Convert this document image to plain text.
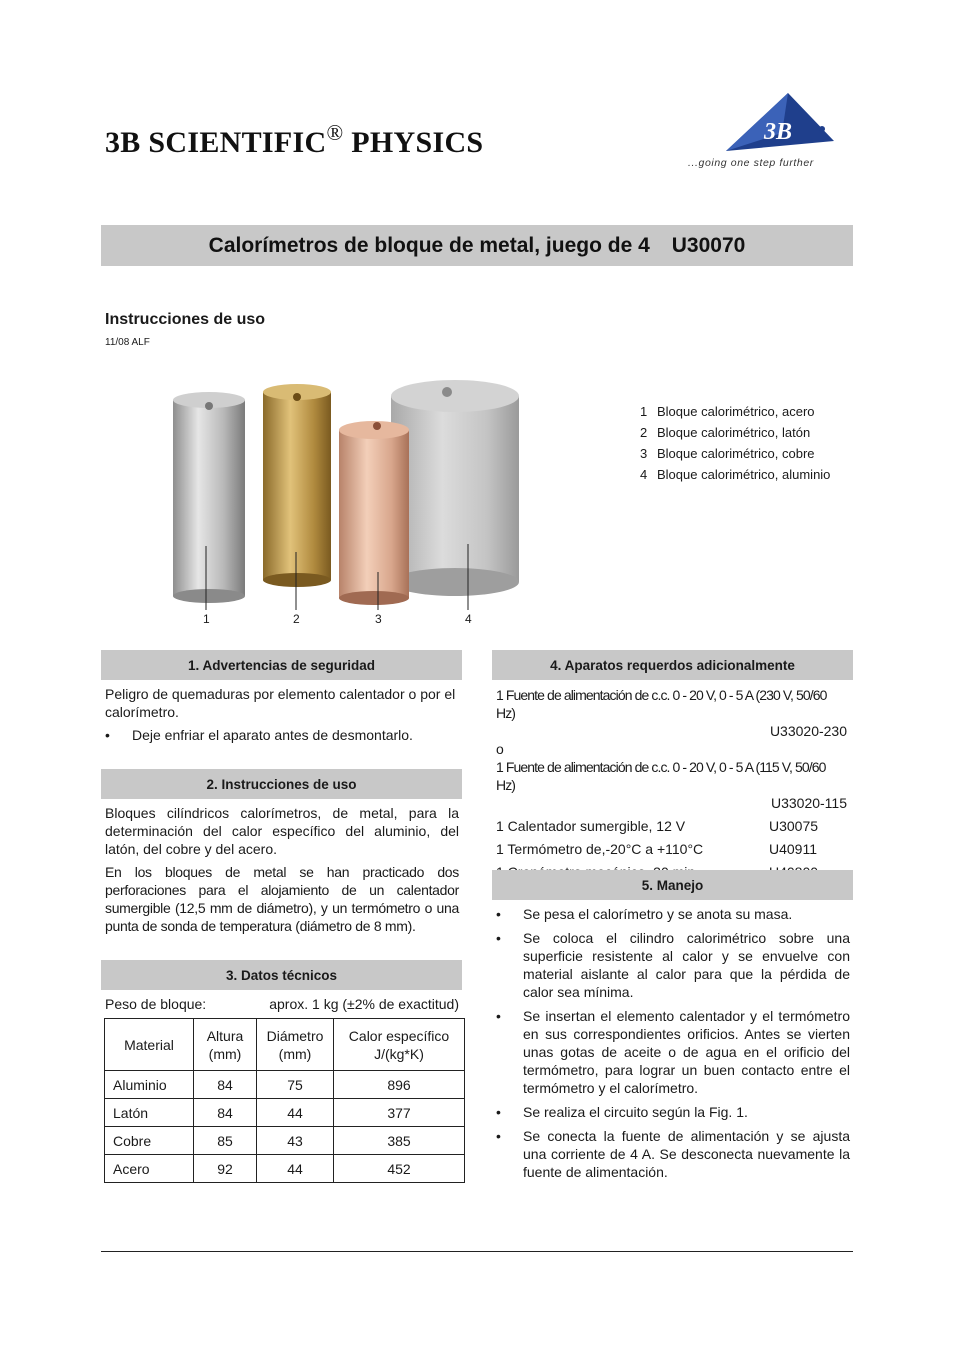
3B SCIENTIFIC® PHYSICS	3B
...going one step further
Calorímetros de bloque de metal, juego de 4 U30070
Instrucciones de uso
11/08 ALF
1	2	3	4
1 Bloque calorimétrico, acero
2 Bloque calorimétrico, latón
3 Bloque calorimétrico, cobre
4 Bloque calorimétrico, aluminio
1. Advertencias de seguridad

Peligro de quemaduras por elemento calentador o por el calorímetro.

• Deje enfriar el aparato antes de desmontarlo.
2. Instrucciones de uso

Bloques cilíndricos calorímetros, de metal, para la determinación del calor específico del aluminio, del latón, del cobre y del acero.

En los bloques de metal se han practicado dos perforaciones para el alojamiento de un calentador sumergible (12,5 mm de diámetro), y un termómetro o una punta de sonda de temperatura (diámetro de 8 mm).

3. Datos técnicos
Peso de bloque:	aprox. 1 kg (±2% de exactitud)
Material	Altura (mm)	Diámetro (mm)	Calor específico J/(kg*K)
Aluminio	84	75	896
Latón	84	44	377
Cobre	85	43	385
Acero	92	44	452
4. Aparatos requerdos adicionalmente
1 Fuente de alimentación de c.c. 0 - 20 V, 0 - 5 A (230 V, 50/60 Hz)
U33020-230
o
1 Fuente de alimentación de c.c. 0 - 20 V, 0 - 5 A (115 V, 50/60 Hz)
U33020-115
1 Calentador sumergible, 12 V	U30075
1 Termómetro de,-20°C a +110°C	U40911
5. Manejo
• Se pesa el calorímetro y se anota su masa.
• Se coloca el cilindro calorimétrico sobre una superficie resistente al calor y se envuelve con material aislante al calor para que la pérdida de calor sea mínima.
• Se insertan el elemento calentador y el termómetro en sus correspondientes orificios. Antes se vierten unas gotas de aceite o de agua en el orificio del termómetro, para lograr un buen contacto entre el termómetro y el calorímetro.
• Se realiza el circuito según la Fig. 1.
• Se conecta la fuente de alimentación y se ajusta una corriente de 4 A. Se desconecta nuevamente la fuente de alimentación.
